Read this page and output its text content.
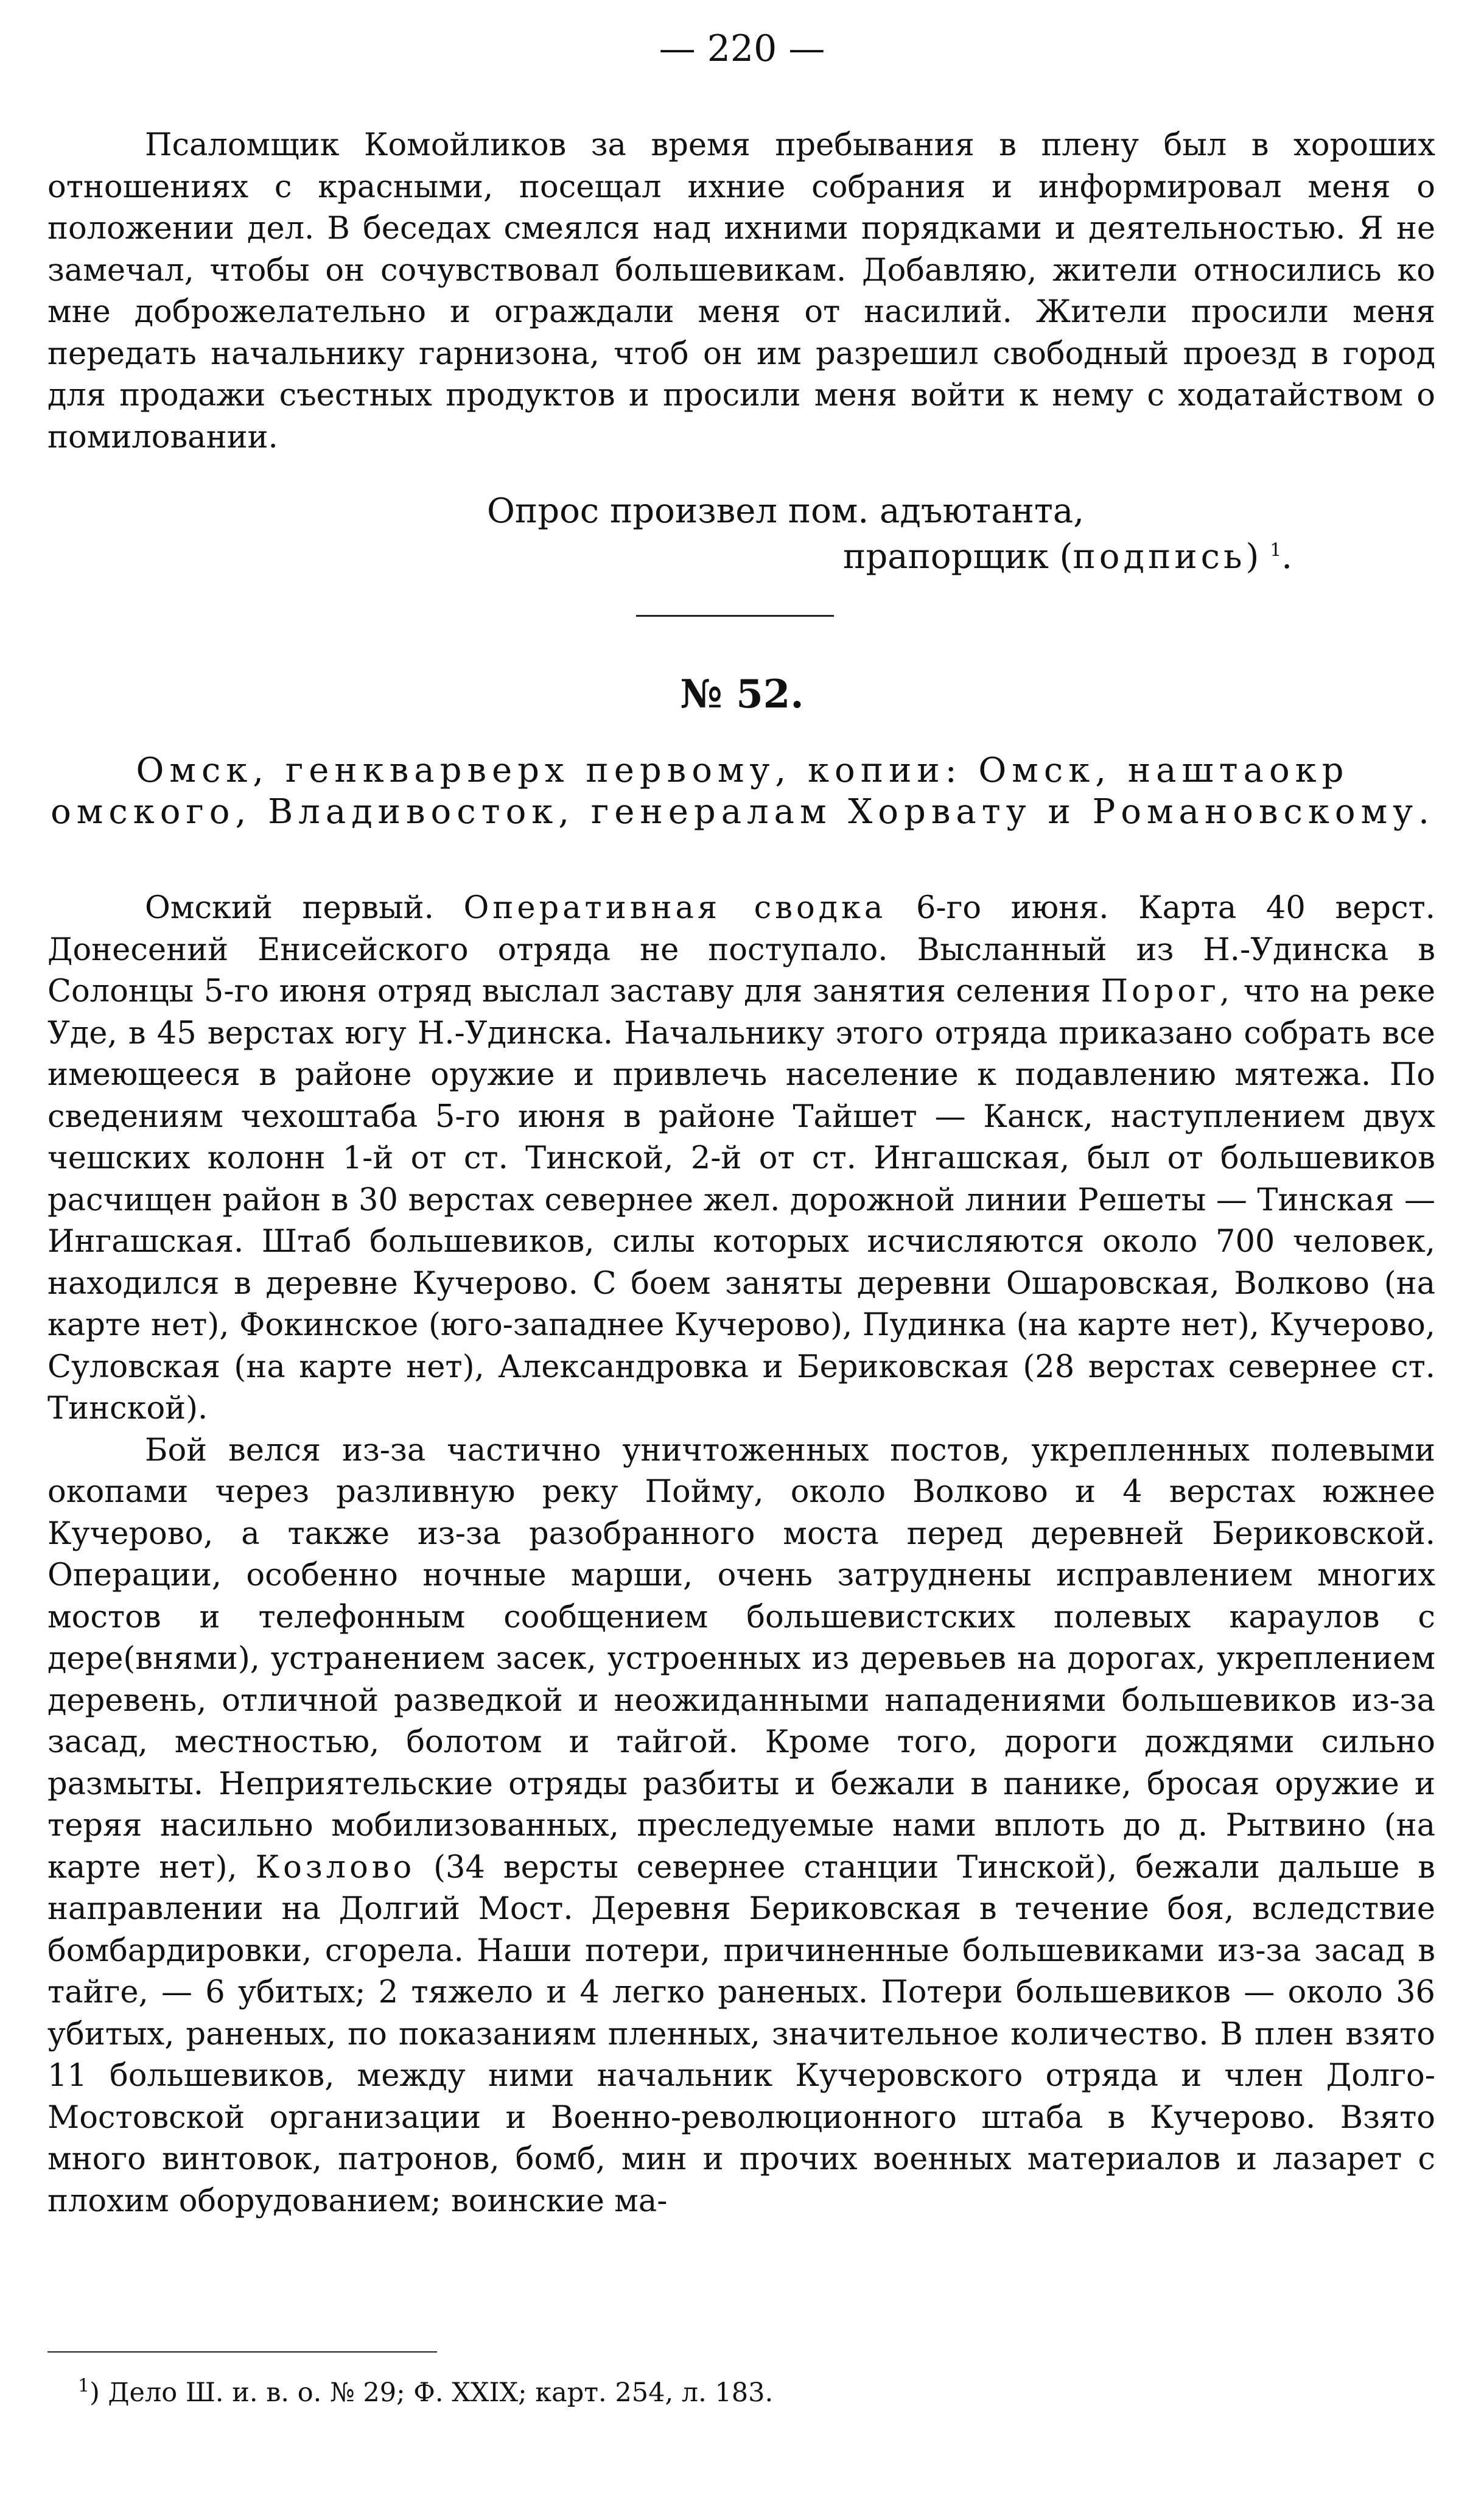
— 220 —

Псаломщик Комойликов за время пребывания в плену был в хороших отношениях с красными, посещал ихние собрания и информировал меня о положении дел. В беседах смеялся над ихними порядками и деятельностью. Я не замечал, чтобы он сочувствовал большевикам. Добавляю, жители относились ко мне доброжелательно и ограждали меня от насилий. Жители просили меня передать начальнику гарнизона, чтоб он им разрешил свободный проезд в город для продажи съестных продуктов и просили меня войти к нему с ходатайством о помиловании.

Опрос произвел пом. адъютанта,
прапорщик (подпись) $^1$.
№ 52.
Омск, генкварверх первому, копии: Омск, наштаокр омского, Владивосток, генералам Хорвату и Романовскому.

Омский первый. Оперативная сводка 6-го июня. Карта 40 верст. Донесений Енисейского отряда не поступало. Высланный из Н.-Удинска в Солонцы 5-го июня отряд выслал заставу для занятия селения Порог, что на реке Уде, в 45 верстах югу Н.-Удинска. Начальнику этого отряда приказано собрать все имеющееся в районе оружие и привлечь население к подавлению мятежа. По сведениям чехоштаба 5-го июня в районе Тайшет — Канск, наступлением двух чешских колонн 1-й от ст. Тинской, 2-й от ст. Ингашская, был от большевиков расчищен район в 30 верстах севернее жел. дорожной линии Решеты — Тинская — Ингашская. Штаб большевиков, силы которых исчисляются около 700 человек, находился в деревне Кучерово. С боем заняты деревни Ошаровская, Волково (на карте нет), Фокинское (юго-западнее Кучерово), Пудинка (на карте нет), Кучерово, Суловская (на карте нет), Александровка и Бериковская (28 верстах севернее ст. Тинской).

Бой велся из-за частично уничтоженных постов, укрепленных полевыми окопами через разливную реку Пойму, около Волково и 4 верстах южнее Кучерово, а также из-за разобранного моста перед деревней Бериковской. Операции, особенно ночные марши, очень затруднены исправлением многих мостов и телефонным сообщением большевистских полевых караулов с дере(внями), устранением засек, устроенных из деревьев на дорогах, укреплением деревень, отличной разведкой и неожиданными нападениями большевиков из-за засад, местностью, болотом и тайгой. Кроме того, дороги дождями сильно размыты. Неприятельские отряды разбиты и бежали в панике, бросая оружие и теряя насильно мобилизованных, преследуемые нами вплоть до д. Рытвино (на карте нет), Козлово (34 версты севернее станции Тинской), бежали дальше в направлении на Долгий Мост. Деревня Бериковская в течение боя, вследствие бомбардировки, сгорела. Наши потери, причиненные большевиками из-за засад в тайге, — 6 убитых; 2 тяжело и 4 легко раненых. Потери большевиков — около 36 убитых, раненых, по показаниям пленных, значительное количество. В плен взято 11 большевиков, между ними начальник Кучеровского отряда и член Долго-Мостовской организации и Военно-революционного штаба в Кучерово. Взято много винтовок, патронов, бомб, мин и прочих военных материалов и лазарет с плохим оборудованием; воинские ма-

$^1$) Дело Ш. и. в. о. № 29; Ф. XXIX; карт. 254, л. 183.
